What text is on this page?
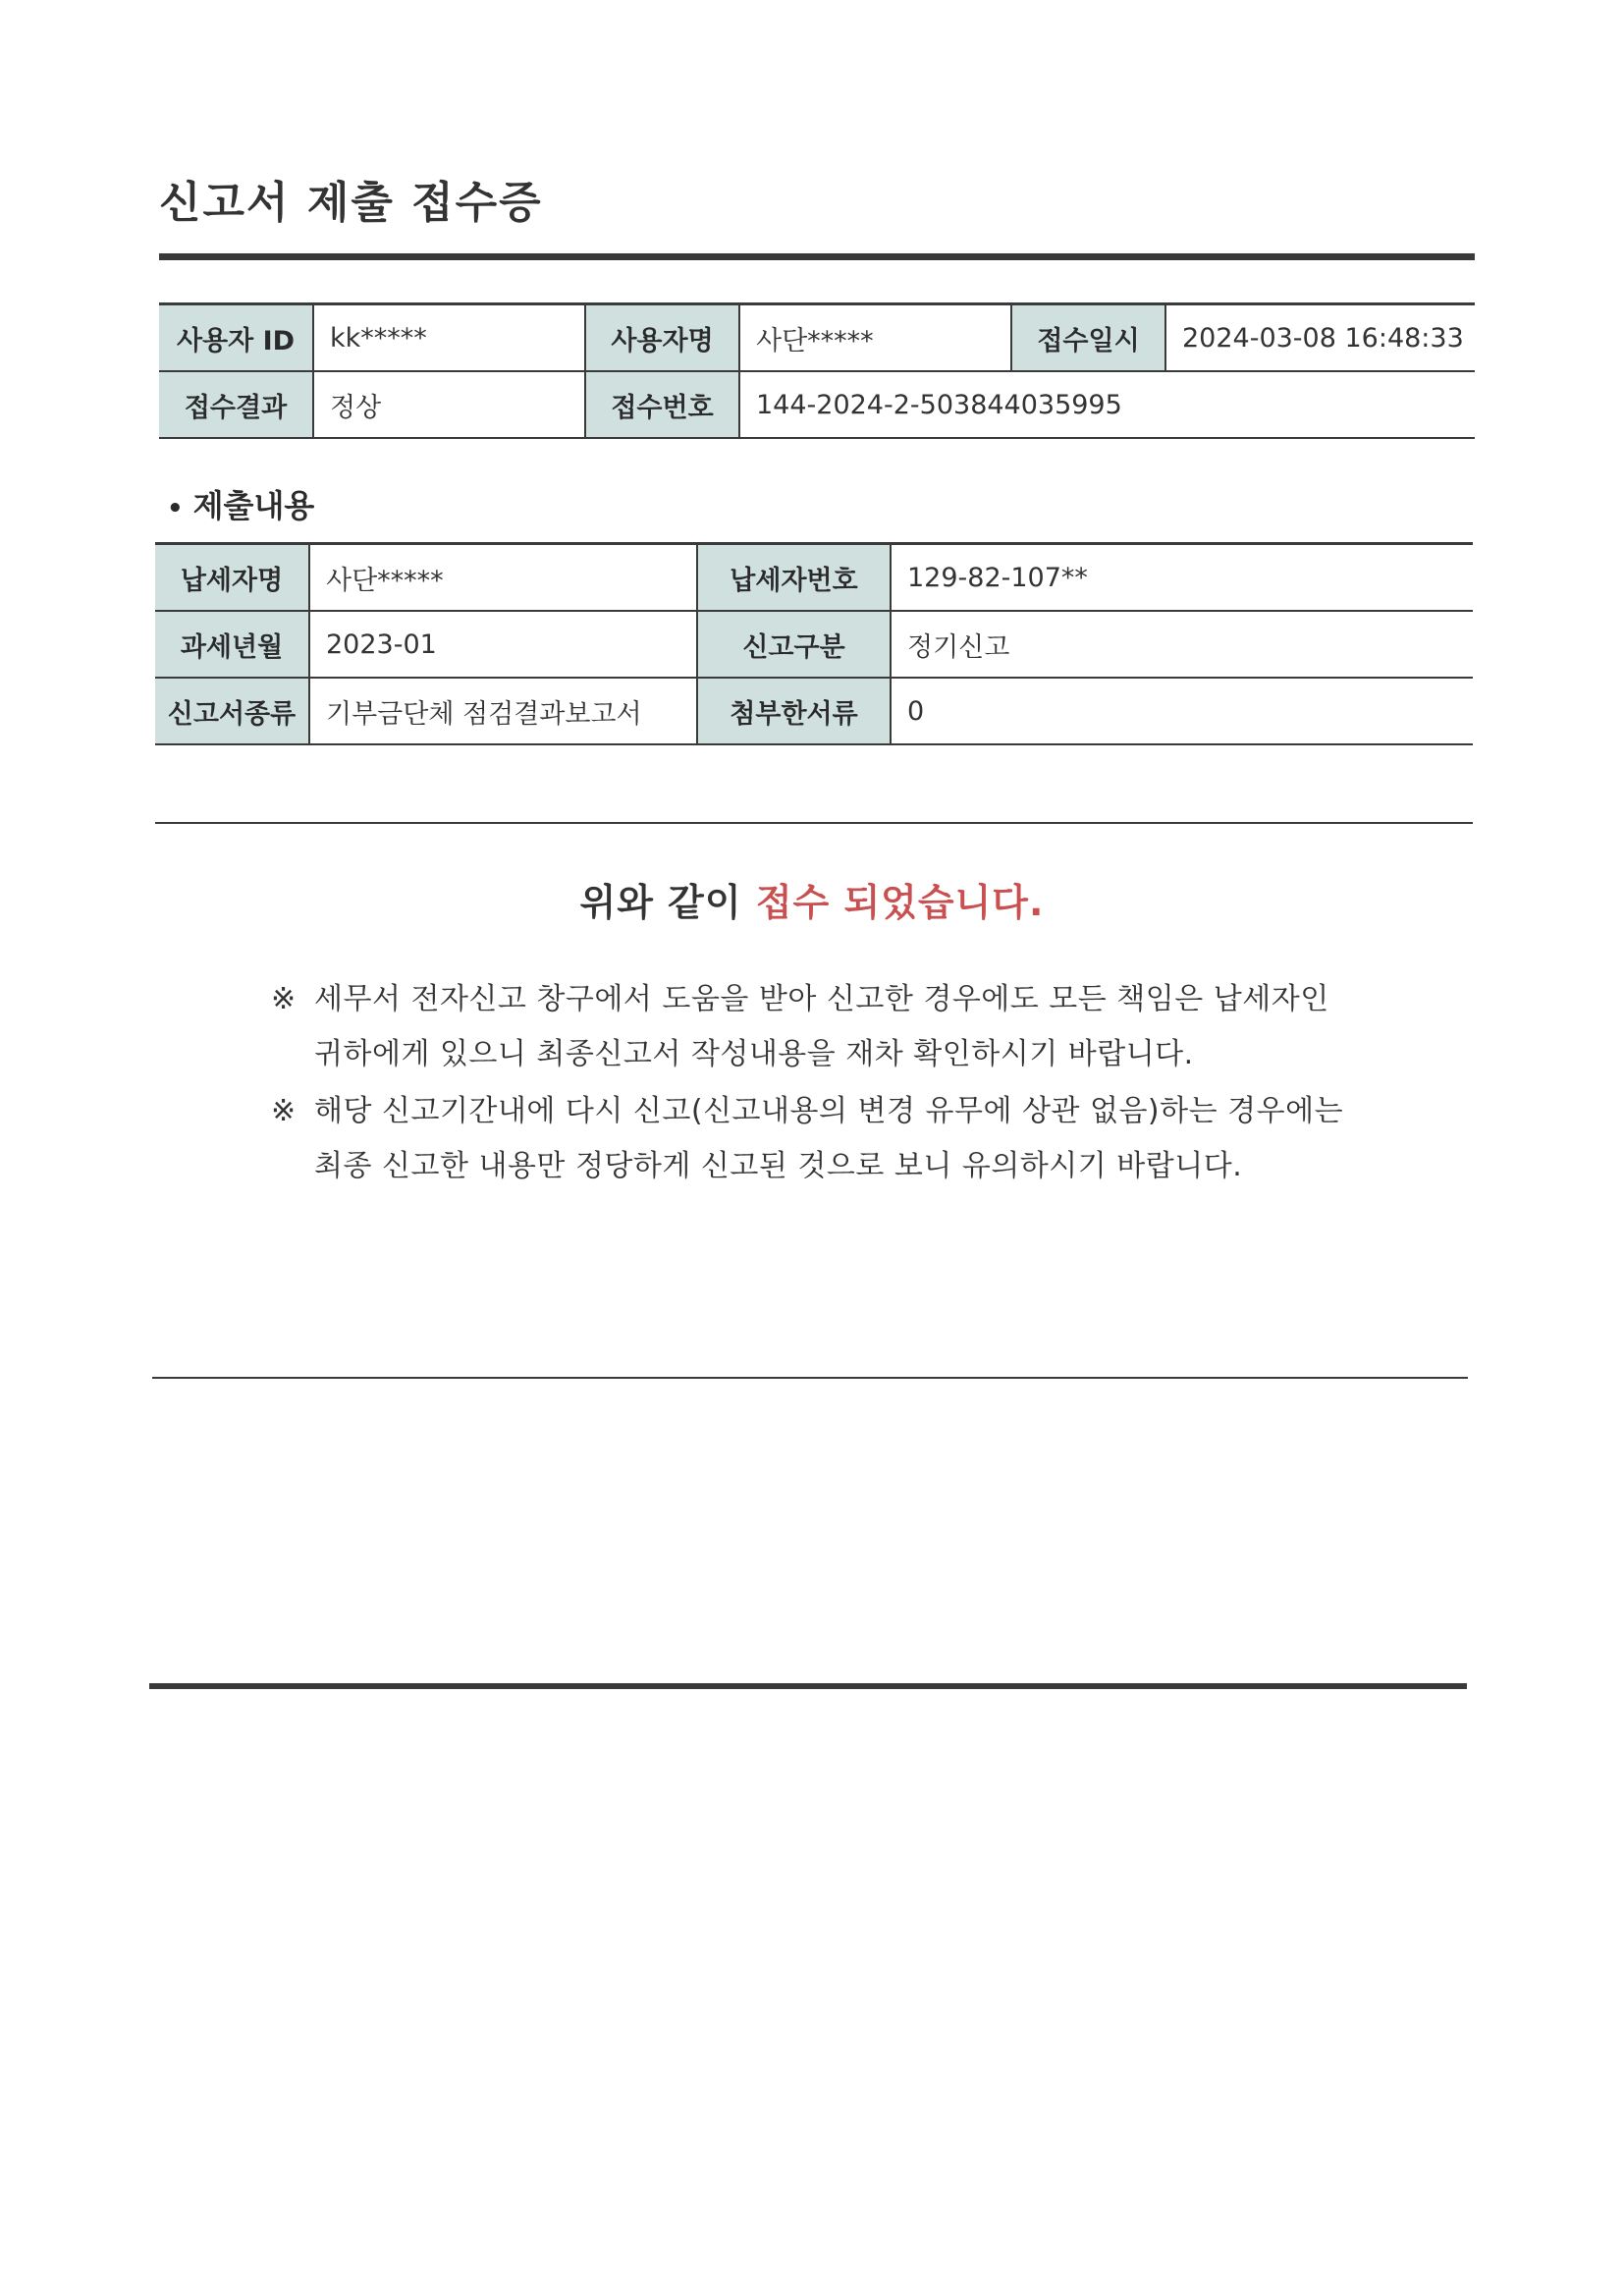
신고서 제출 접수증
사용자 ID	kk*****	사용자명	사단*****	접수일시	2024-03-08 16:48:33
접수결과	정상	접수번호	144-2024-2-503844035995		
• 제출내용
납세자명	사단*****	납세자번호	129-82-107**
과세년월	2023-01	신고구분	정기신고
신고서종류	기부금단체 점검결과보고서	첨부한서류	0
위와 같이 접수 되었습니다.
※ 세무서 전자신고 창구에서 도움을 받아 신고한 경우에도 모든 책임은 납세자인
귀하에게 있으니 최종신고서 작성내용을 재차 확인하시기 바랍니다.
※ 해당 신고기간내에 다시 신고(신고내용의 변경 유무에 상관 없음)하는 경우에는
최종 신고한 내용만 정당하게 신고된 것으로 보니 유의하시기 바랍니다.
